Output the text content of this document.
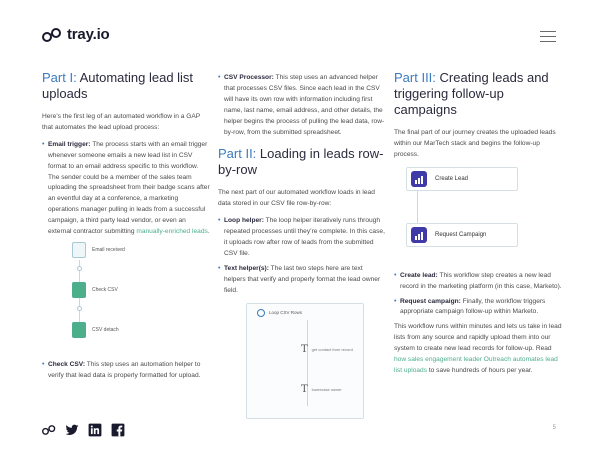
tray.io
Part I: Automating lead list uploads

Here’s the first leg of an automated workflow in a GAP that automates the lead upload process:

• Email trigger: The process starts with an email trigger whenever someone emails a new lead list in CSV format to an email address specific to this workflow. The sender could be a member of the sales team uploading the spreadsheet from their badge scans after an eventful day at a conference, a marketing operations manager pulling in leads from a successful campaign, a third party lead vendor, or even an external contractor submitting manually-enriched leads.
Email received
Check CSV
CSV detach
• Check CSV: This step uses an automation helper to verify that lead data is properly formatted for upload.
• CSV Processor: This step uses an advanced helper that processes CSV files. Since each lead in the CSV will have its own row with information including first name, last name, email address, and other details, the helper begins the process of pulling the lead data, row-by-row, from the submitted spreadsheet.
Part II: Loading in leads row-by-row

The next part of our automated workflow loads in lead data stored in our CSV file row-by-row:

• Loop helper: The loop helper iteratively runs through repeated processes until they’re complete. In this case, it uploads row after row of leads from the submitted CSV file.
• Text helper(s): The last two steps here are text helpers that verify and properly format the lead owner field.
Loop CSV Rows
T get contact from record
T lowercase owner
Part III: Creating leads and triggering follow-up campaigns

The final part of our journey creates the uploaded leads within our MarTech stack and begins the follow-up process.

Create Lead
Request Campaign
• Create lead: This workflow step creates a new lead record in the marketing platform (in this case, Marketo).
• Request campaign: Finally, the workflow triggers appropriate campaign follow-up within Marketo.

This workflow runs within minutes and lets us take in lead lists from any source and rapidly upload them into our system to create new lead records for follow-up. Read how sales engagement leader Outreach automates lead list uploads to save hundreds of hours per year.

5
